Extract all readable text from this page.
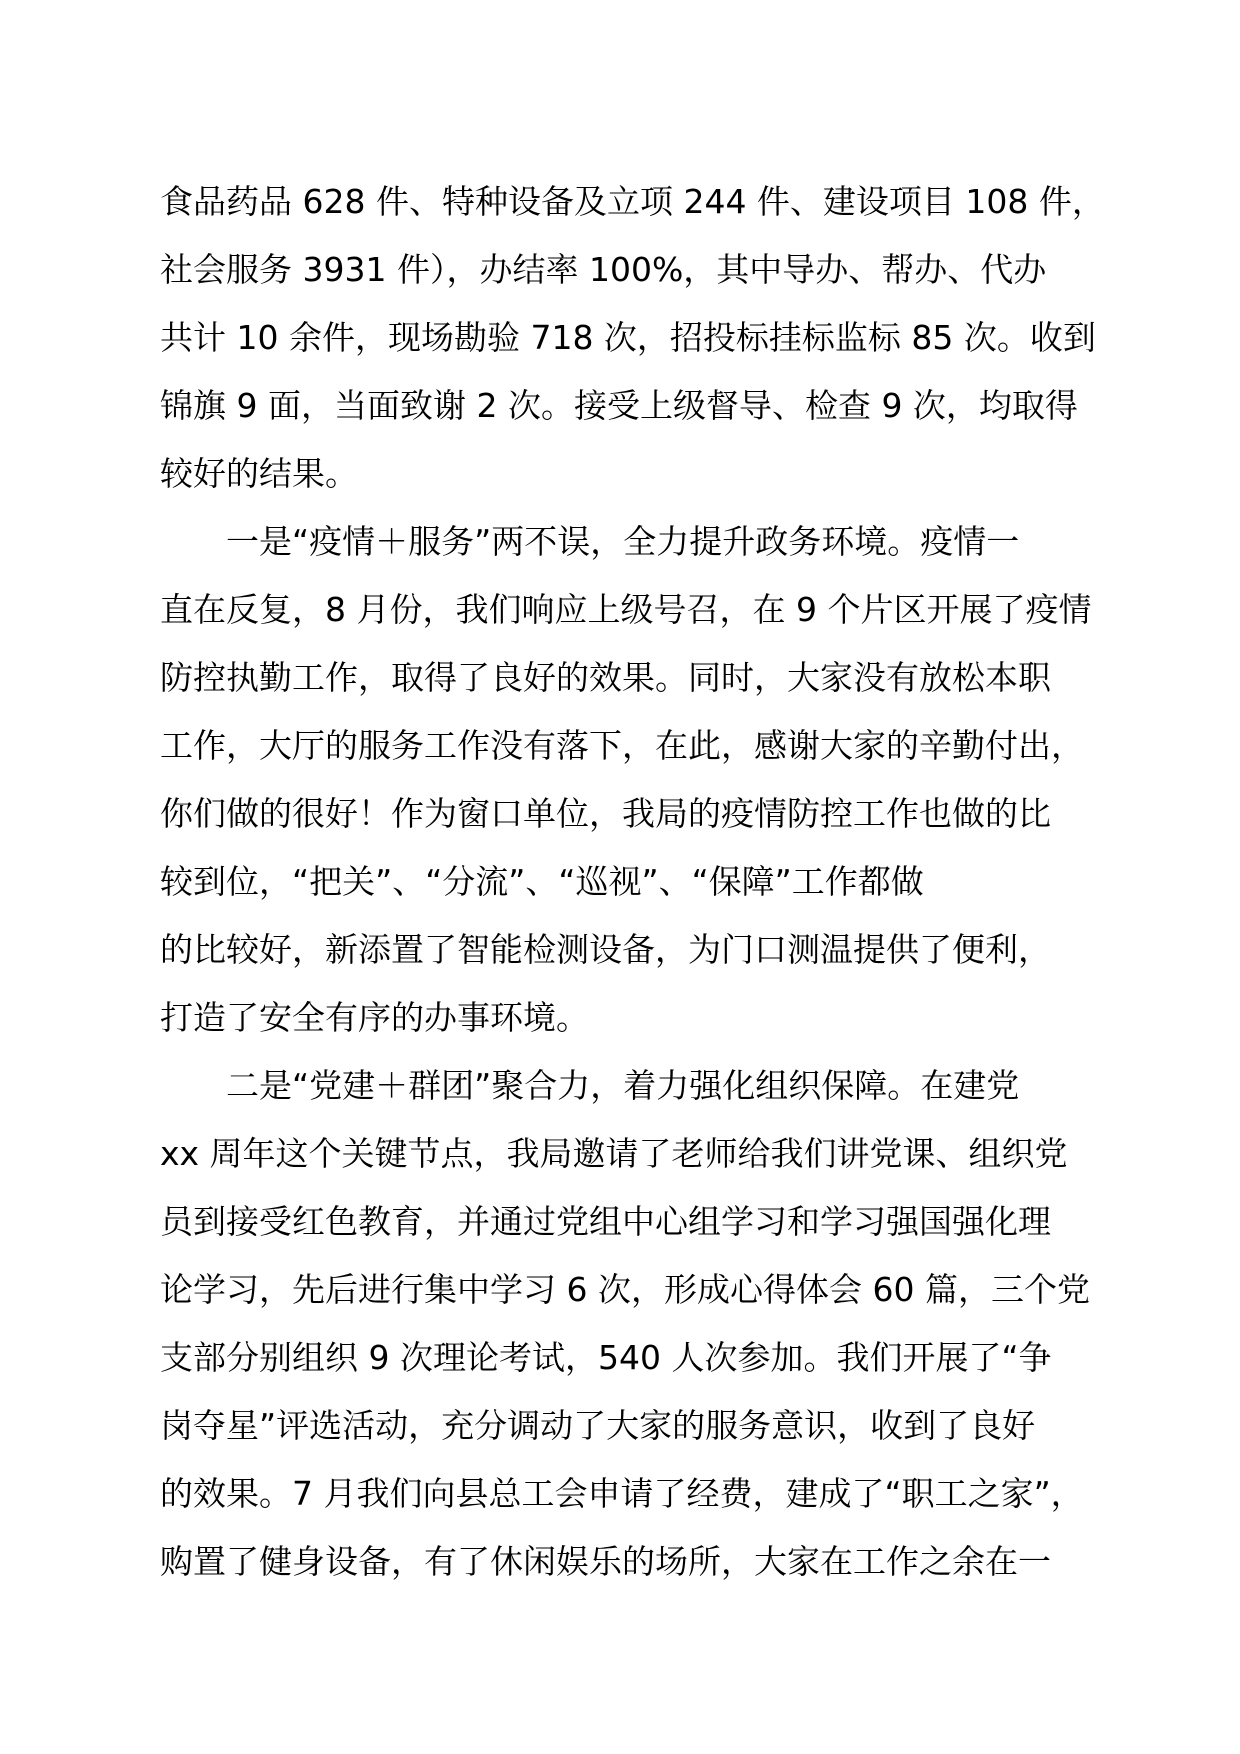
食品药品 628 件、特种设备及立项 244 件、建设项目 108 件，
社会服务 3931 件），办结率 100%，其中导办、帮办、代办
共计 10 余件，现场勘验 718 次，招投标挂标监标 85 次。收到
锦旗 9 面，当面致谢 2 次。接受上级督导、检查 9 次，均取得
较好的结果。
　　一是“疫情＋服务”两不误，全力提升政务环境。疫情一
直在反复，8 月份，我们响应上级号召，在 9 个片区开展了疫情
防控执勤工作，取得了良好的效果。同时，大家没有放松本职
工作，大厅的服务工作没有落下，在此，感谢大家的辛勤付出，
你们做的很好！作为窗口单位，我局的疫情防控工作也做的比
较到位，“把关”、“分流”、“巡视”、“保障”工作都做
的比较好，新添置了智能检测设备，为门口测温提供了便利，
打造了安全有序的办事环境。
　　二是“党建＋群团”聚合力，着力强化组织保障。在建党
xx 周年这个关键节点，我局邀请了老师给我们讲党课、组织党
员到接受红色教育，并通过党组中心组学习和学习强国强化理
论学习，先后进行集中学习 6 次，形成心得体会 60 篇，三个党
支部分别组织 9 次理论考试，540 人次参加。我们开展了“争
岗夺星”评选活动，充分调动了大家的服务意识，收到了良好
的效果。7 月我们向县总工会申请了经费，建成了“职工之家”，
购置了健身设备，有了休闲娱乐的场所，大家在工作之余在一
